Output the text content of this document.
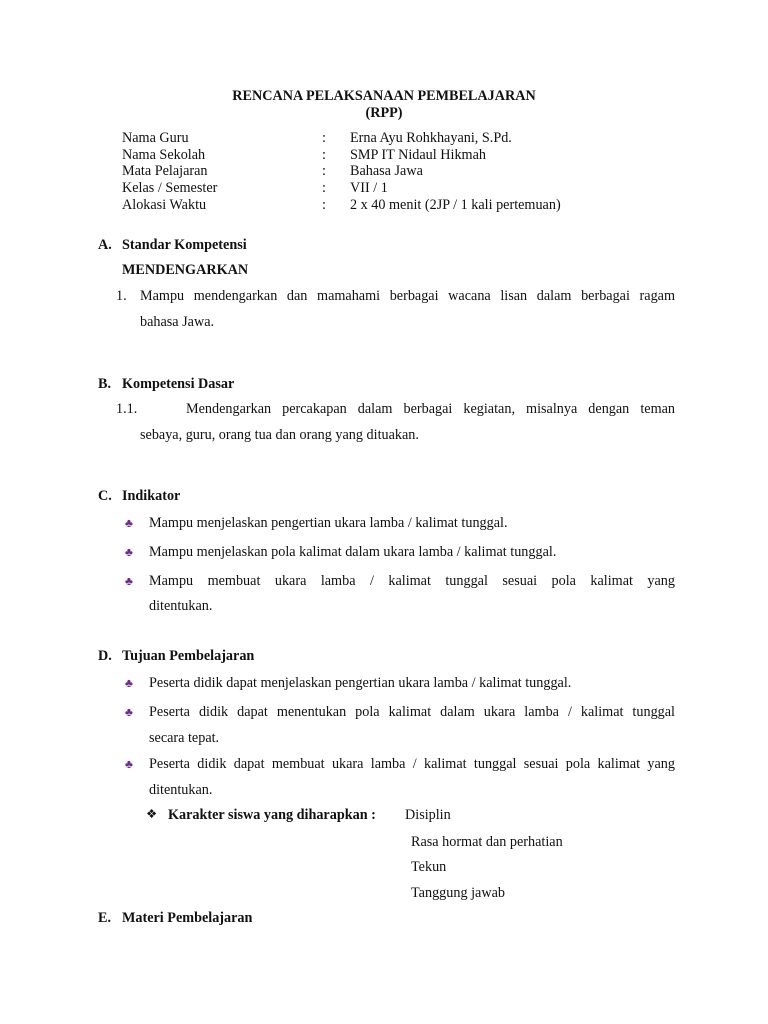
RENCANA PELAKSANAAN PEMBELAJARAN
(RPP)
Nama Guru	: Erna Ayu Rohkhayani, S.Pd.
Nama Sekolah	: SMP IT Nidaul Hikmah
Mata Pelajaran	: Bahasa Jawa
Kelas / Semester	: VII / 1
Alokasi Waktu	: 2 x 40 menit (2JP / 1 kali pertemuan)
A. Standar Kompetensi
MENDENGARKAN
1. Mampu mendengarkan dan mamahami berbagai wacana lisan dalam berbagai ragam
bahasa Jawa.
B. Kompetensi Dasar
1.1.	Mendengarkan percakapan dalam berbagai kegiatan, misalnya dengan teman
sebaya, guru, orang tua dan orang yang dituakan.
C. Indikator
♣ Mampu menjelaskan pengertian ukara lamba / kalimat tunggal.
♣ Mampu menjelaskan pola kalimat dalam ukara lamba / kalimat tunggal.
♣ Mampu membuat ukara lamba / kalimat tunggal sesuai pola kalimat yang
ditentukan.
D. Tujuan Pembelajaran
♣ Peserta didik dapat menjelaskan pengertian ukara lamba / kalimat tunggal.
♣ Peserta didik dapat menentukan pola kalimat dalam ukara lamba / kalimat tunggal
secara tepat.
♣ Peserta didik dapat membuat ukara lamba / kalimat tunggal sesuai pola kalimat yang
ditentukan.
❖ Karakter siswa yang diharapkan : Disiplin
Rasa hormat dan perhatian
Tekun
Tanggung jawab
E. Materi Pembelajaran
